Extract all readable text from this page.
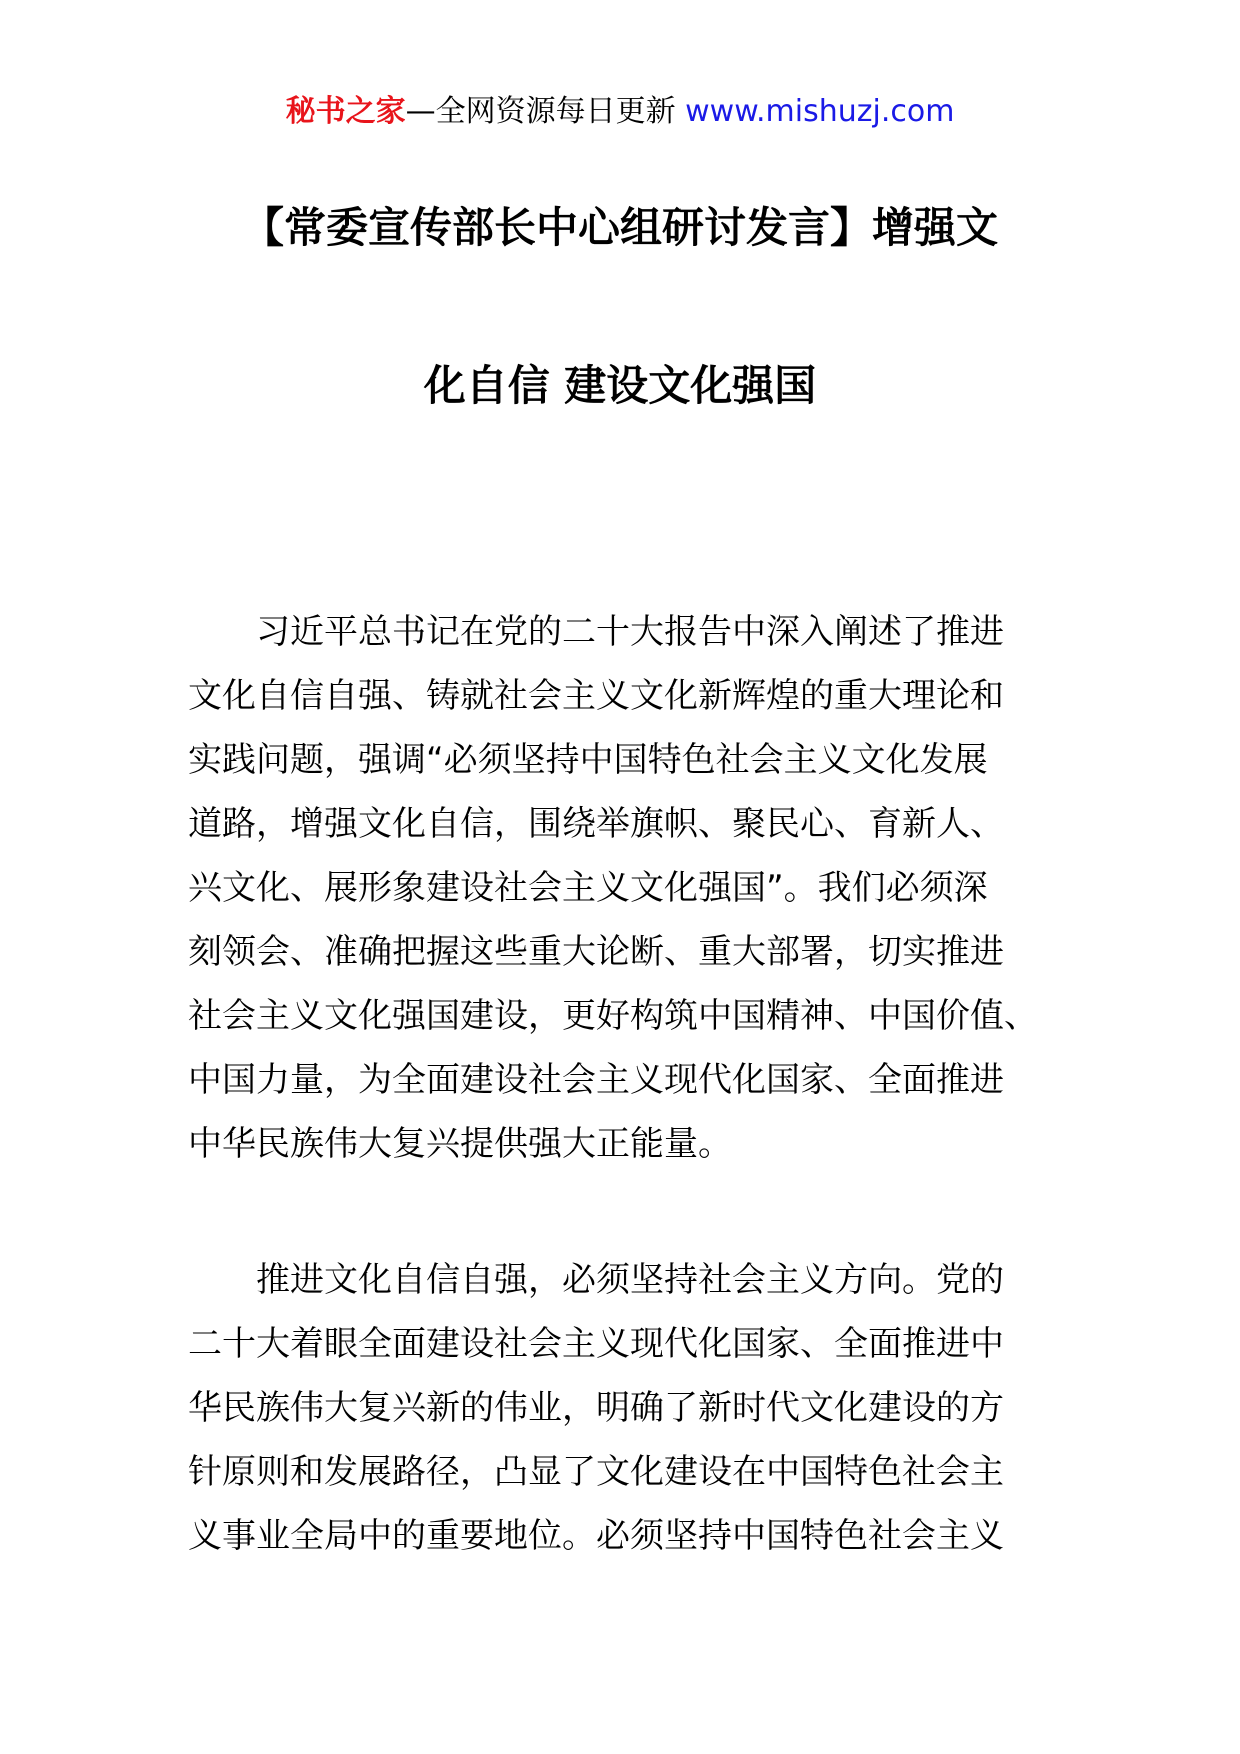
秘书之家—全网资源每日更新 www.mishuzj.com
【常委宣传部长中心组研讨发言】增强文
化自信 建设文化强国
　　习近平总书记在党的二十大报告中深入阐述了推进
文化自信自强、铸就社会主义文化新辉煌的重大理论和
实践问题，强调“必须坚持中国特色社会主义文化发展
道路，增强文化自信，围绕举旗帜、聚民心、育新人、
兴文化、展形象建设社会主义文化强国”。我们必须深
刻领会、准确把握这些重大论断、重大部署，切实推进
社会主义文化强国建设，更好构筑中国精神、中国价值、
中国力量，为全面建设社会主义现代化国家、全面推进
中华民族伟大复兴提供强大正能量。
　　推进文化自信自强，必须坚持社会主义方向。党的
二十大着眼全面建设社会主义现代化国家、全面推进中
华民族伟大复兴新的伟业，明确了新时代文化建设的方
针原则和发展路径，凸显了文化建设在中国特色社会主
义事业全局中的重要地位。必须坚持中国特色社会主义
